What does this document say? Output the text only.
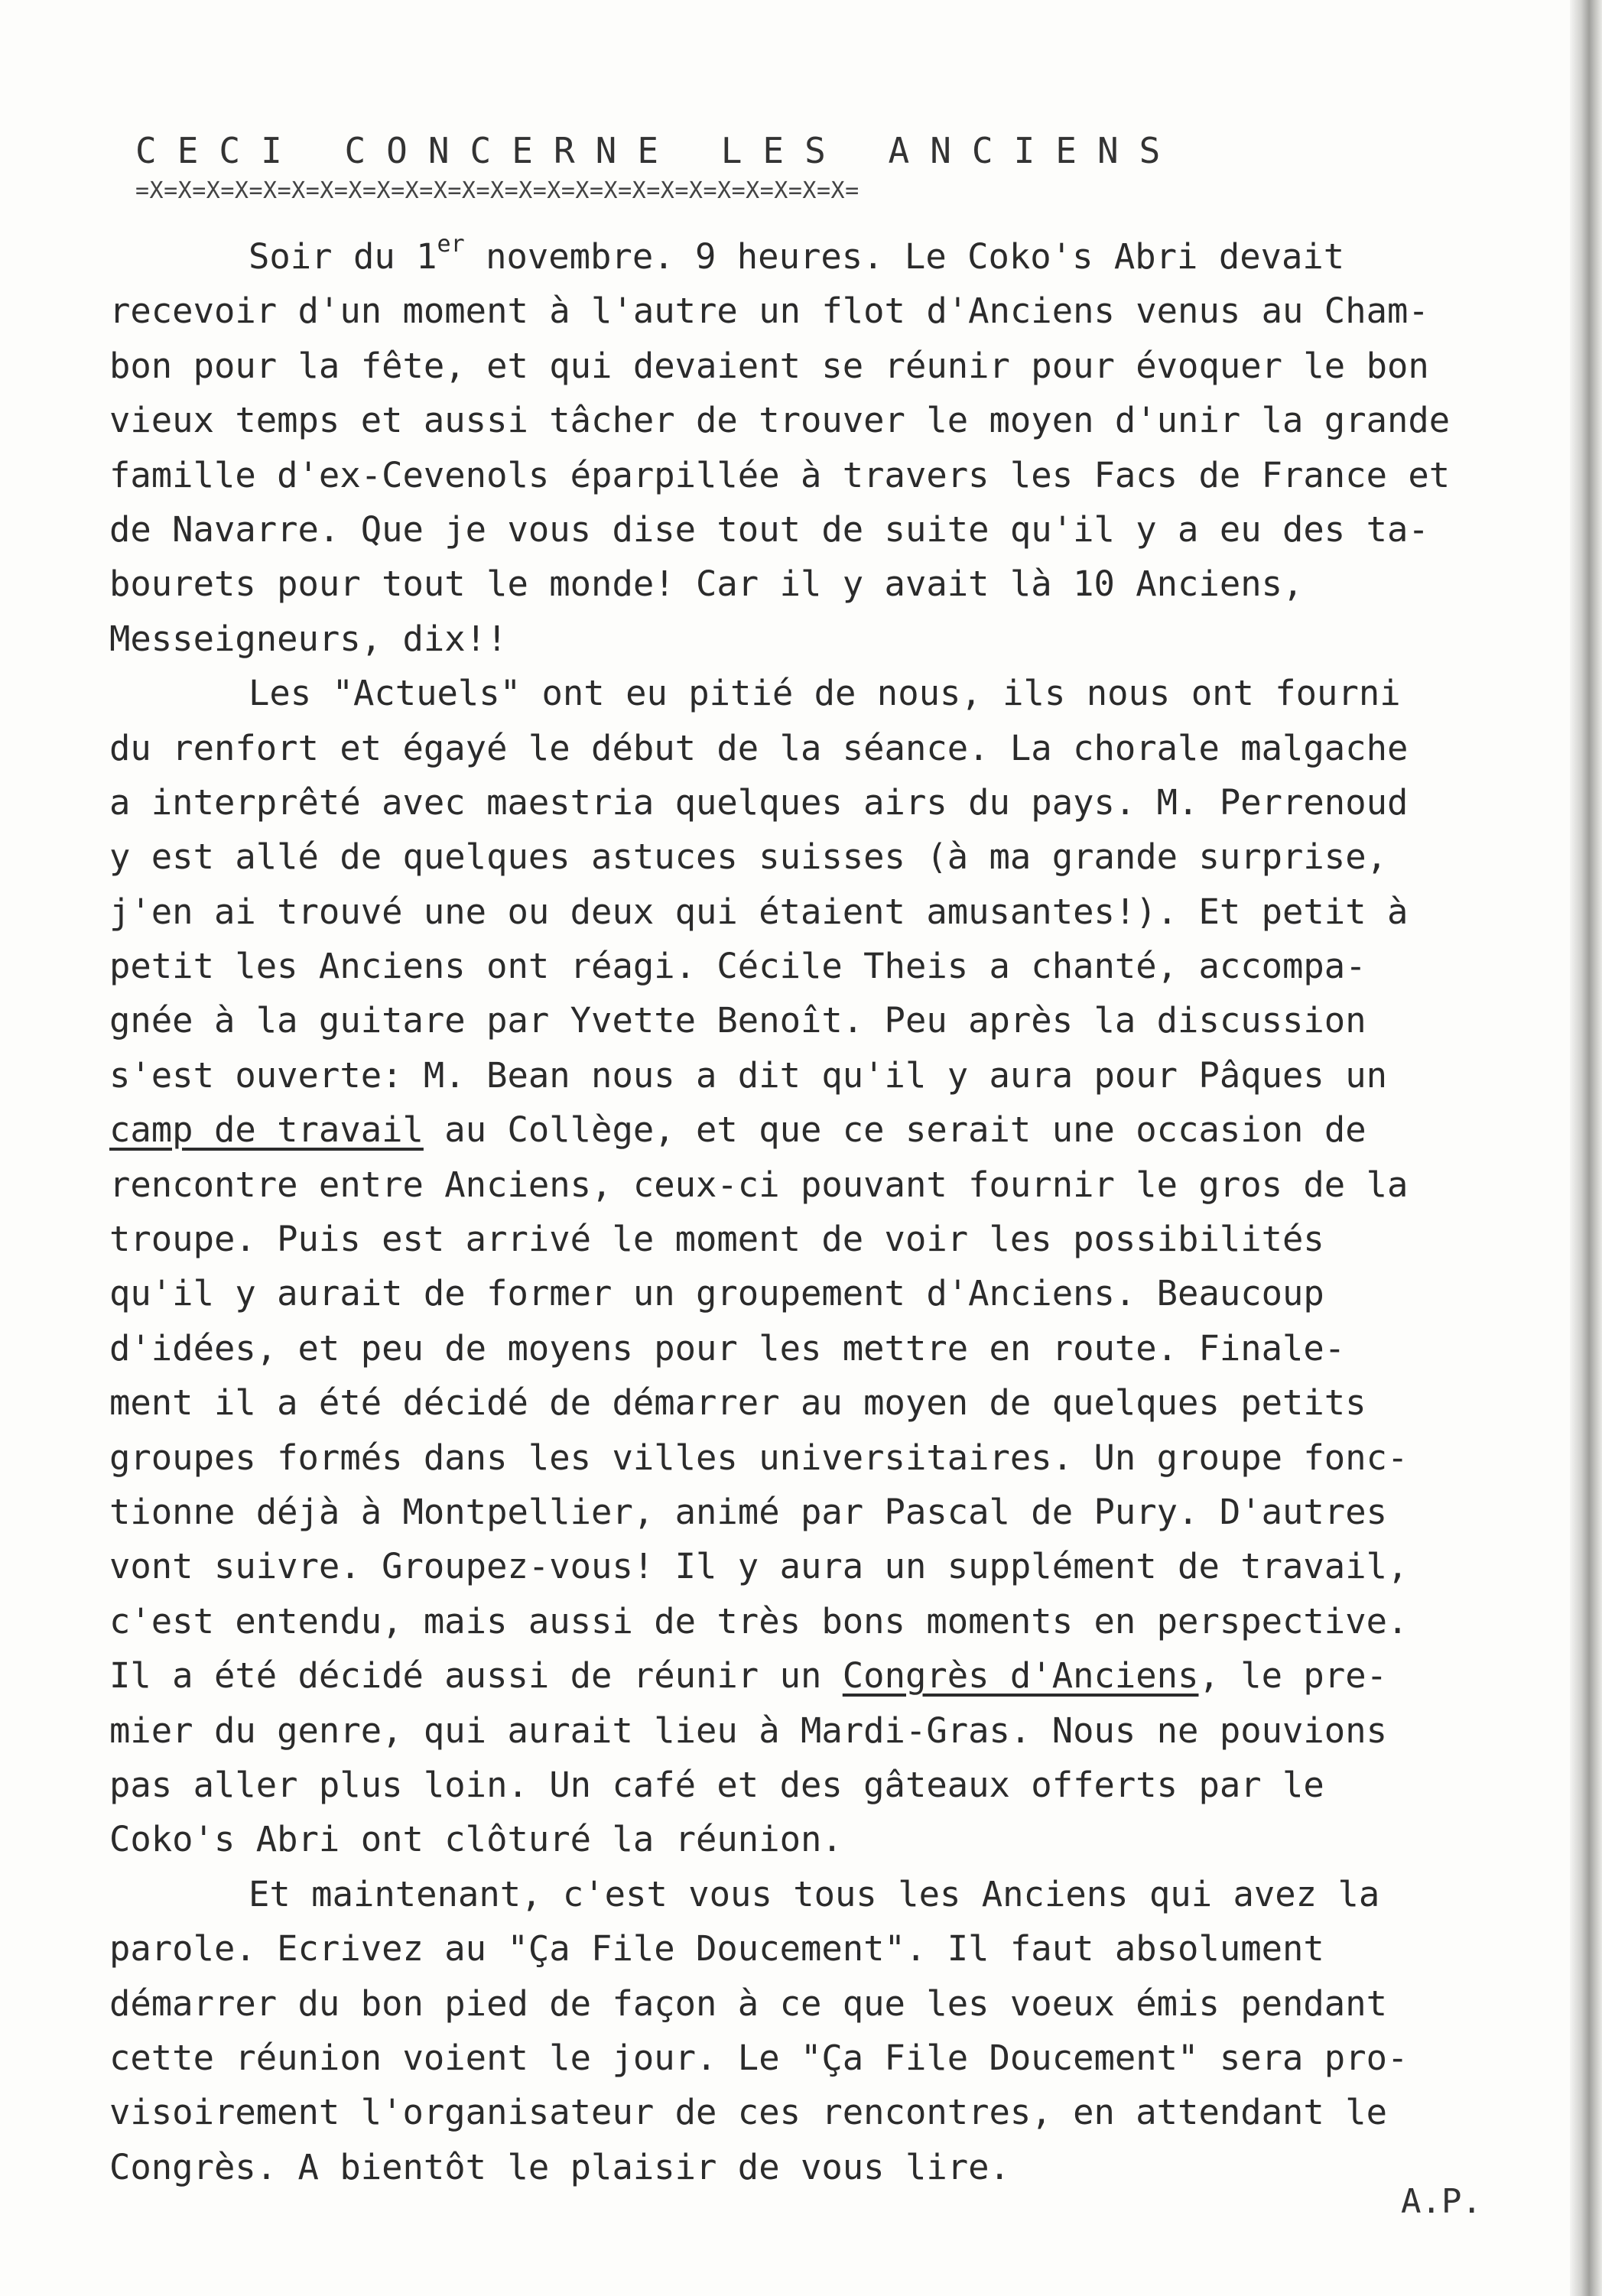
CECI CONCERNE LES ANCIENS
=X=X=X=X=X=X=X=X=X=X=X=X=X=X=X=X=X=X=X=X=X=X=X=X=X=
Soir du 1er novembre. 9 heures. Le Coko's Abri devait
recevoir d'un moment à l'autre un flot d'Anciens venus au Cham-
bon pour la fête, et qui devaient se réunir pour évoquer le bon
vieux temps et aussi tâcher de trouver le moyen d'unir la grande
famille d'ex-Cevenols éparpillée à travers les Facs de France et
de Navarre. Que je vous dise tout de suite qu'il y a eu des ta-
bourets pour tout le monde! Car il y avait là 10 Anciens,
Messeigneurs, dix!!
Les "Actuels" ont eu pitié de nous, ils nous ont fourni
du renfort et égayé le début de la séance. La chorale malgache
a interprêté avec maestria quelques airs du pays. M. Perrenoud
y est allé de quelques astuces suisses (à ma grande surprise,
j'en ai trouvé une ou deux qui étaient amusantes!). Et petit à
petit les Anciens ont réagi. Cécile Theis a chanté, accompa-
gnée à la guitare par Yvette Benoît. Peu après la discussion
s'est ouverte: M. Bean nous a dit qu'il y aura pour Pâques un
camp de travail au Collège, et que ce serait une occasion de
rencontre entre Anciens, ceux-ci pouvant fournir le gros de la
troupe. Puis est arrivé le moment de voir les possibilités
qu'il y aurait de former un groupement d'Anciens. Beaucoup
d'idées, et peu de moyens pour les mettre en route. Finale-
ment il a été décidé de démarrer au moyen de quelques petits
groupes formés dans les villes universitaires. Un groupe fonc-
tionne déjà à Montpellier, animé par Pascal de Pury. D'autres
vont suivre. Groupez-vous! Il y aura un supplément de travail,
c'est entendu, mais aussi de très bons moments en perspective.
Il a été décidé aussi de réunir un Congrès d'Anciens, le pre-
mier du genre, qui aurait lieu à Mardi-Gras. Nous ne pouvions
pas aller plus loin. Un café et des gâteaux offerts par le
Coko's Abri ont clôturé la réunion.
Et maintenant, c'est vous tous les Anciens qui avez la
parole. Ecrivez au "Ça File Doucement". Il faut absolument
démarrer du bon pied de façon à ce que les voeux émis pendant
cette réunion voient le jour. Le "Ça File Doucement" sera pro-
visoirement l'organisateur de ces rencontres, en attendant le
Congrès. A bientôt le plaisir de vous lire.
A.P.
